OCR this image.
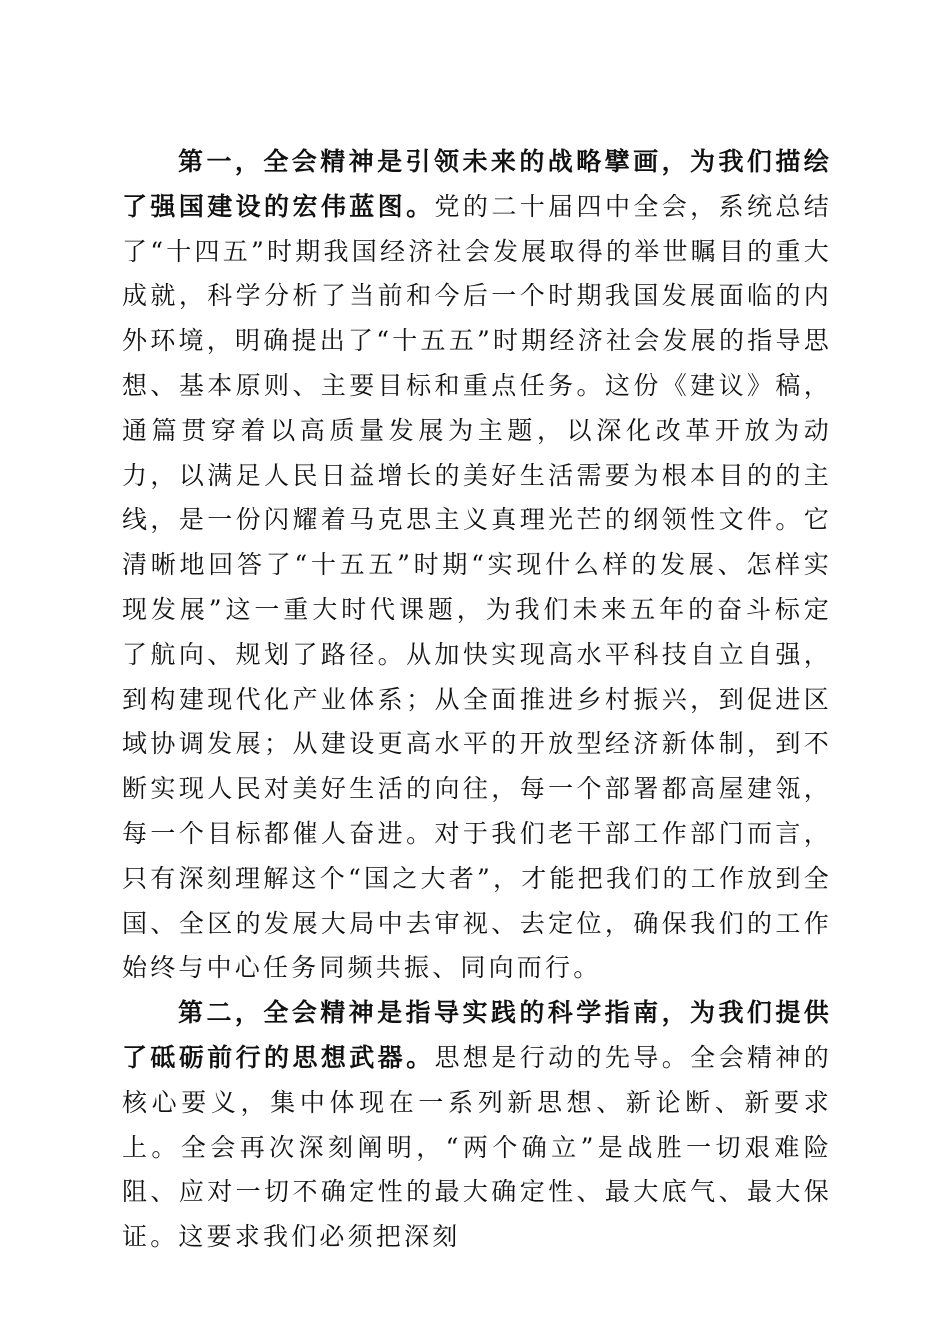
第一，全会精神是引领未来的战略擘画，为我们描绘了强国建设的宏伟蓝图。党的二十届四中全会，系统总结了“十四五”时期我国经济社会发展取得的举世瞩目的重大成就，科学分析了当前和今后一个时期我国发展面临的内外环境，明确提出了“十五五”时期经济社会发展的指导思想、基本原则、主要目标和重点任务。这份《建议》稿，通篇贯穿着以高质量发展为主题，以深化改革开放为动力，以满足人民日益增长的美好生活需要为根本目的的主线，是一份闪耀着马克思主义真理光芒的纲领性文件。它清晰地回答了“十五五”时期“实现什么样的发展、怎样实现发展”这一重大时代课题，为我们未来五年的奋斗标定了航向、规划了路径。从加快实现高水平科技自立自强，到构建现代化产业体系；从全面推进乡村振兴，到促进区域协调发展；从建设更高水平的开放型经济新体制，到不断实现人民对美好生活的向往，每一个部署都高屋建瓴，每一个目标都催人奋进。对于我们老干部工作部门而言，只有深刻理解这个“国之大者”，才能把我们的工作放到全国、全区的发展大局中去审视、去定位，确保我们的工作始终与中心任务同频共振、同向而行。

第二，全会精神是指导实践的科学指南，为我们提供了砥砺前行的思想武器。思想是行动的先导。全会精神的核心要义，集中体现在一系列新思想、新论断、新要求上。全会再次深刻阐明，“两个确立”是战胜一切艰难险阻、应对一切不确定性的最大确定性、最大底气、最大保证。这要求我们必须把深刻
